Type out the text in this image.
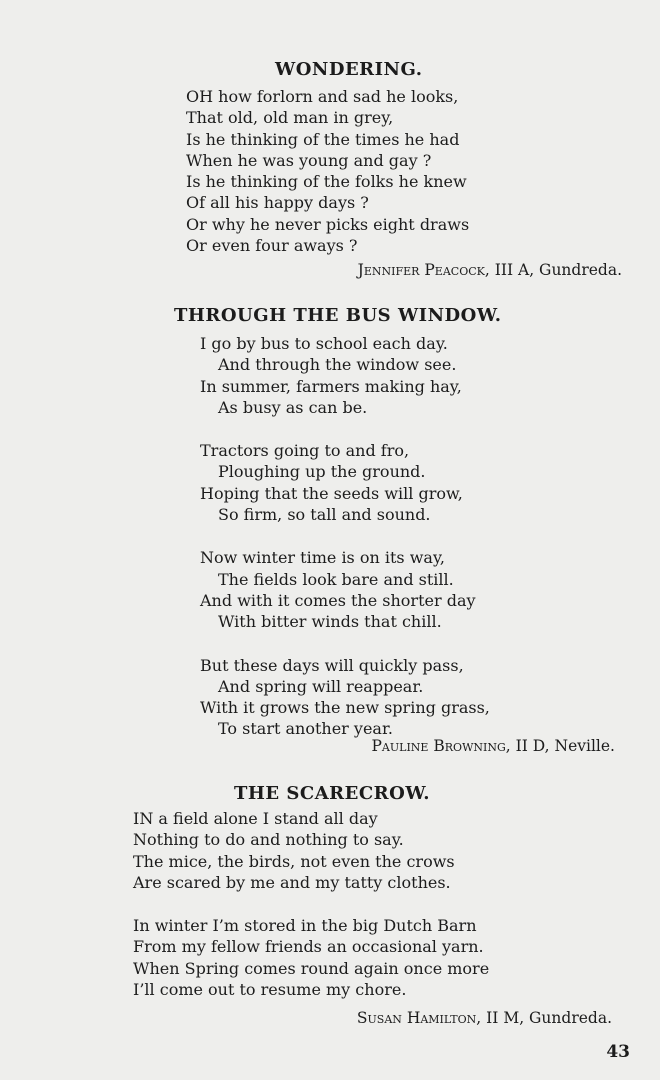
WONDERING.
OH how forlorn and sad he looks,
That old, old man in grey,
Is he thinking of the times he had
When he was young and gay ?
Is he thinking of the folks he knew
Of all his happy days ?
Or why he never picks eight draws
Or even four aways ?
Jennifer Peacock, III A, Gundreda.
THROUGH THE BUS WINDOW.
I go by bus to school each day.
And through the window see.
In summer, farmers making hay,
As busy as can be.
Tractors going to and fro,
Ploughing up the ground.
Hoping that the seeds will grow,
So firm, so tall and sound.
Now winter time is on its way,
The fields look bare and still.
And with it comes the shorter day
With bitter winds that chill.
But these days will quickly pass,
And spring will reappear.
With it grows the new spring grass,
To start another year.
Pauline Browning, II D, Neville.
THE SCARECROW.
IN a field alone I stand all day
Nothing to do and nothing to say.
The mice, the birds, not even the crows
Are scared by me and my tatty clothes.
In winter I’m stored in the big Dutch Barn
From my fellow friends an occasional yarn.
When Spring comes round again once more
I’ll come out to resume my chore.
Susan Hamilton, II M, Gundreda.
43
